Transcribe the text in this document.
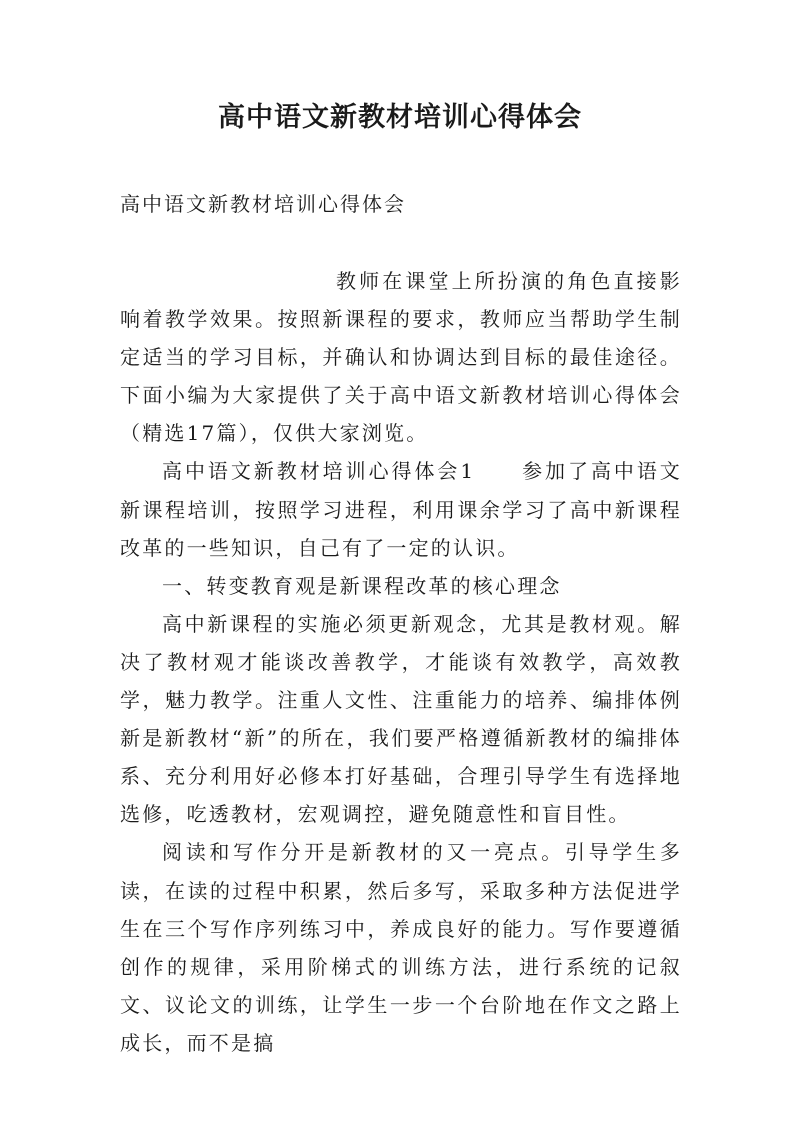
高中语文新教材培训心得体会
高中语文新教材培训心得体会

教师在课堂上所扮演的角色直接影响着教学效果。按照新课程的要求，教师应当帮助学生制定适当的学习目标，并确认和协调达到目标的最佳途径。下面小编为大家提供了关于高中语文新教材培训心得体会（精选17篇），仅供大家浏览。

高中语文新教材培训心得体会1 参加了高中语文新课程培训，按照学习进程，利用课余学习了高中新课程改革的一些知识，自己有了一定的认识。

一、转变教育观是新课程改革的核心理念

高中新课程的实施必须更新观念，尤其是教材观。解决了教材观才能谈改善教学，才能谈有效教学，高效教学，魅力教学。注重人文性、注重能力的培养、编排体例新是新教材“新”的所在，我们要严格遵循新教材的编排体系、充分利用好必修本打好基础，合理引导学生有选择地选修，吃透教材，宏观调控，避免随意性和盲目性。

阅读和写作分开是新教材的又一亮点。引导学生多读，在读的过程中积累，然后多写，采取多种方法促进学生在三个写作序列练习中，养成良好的能力。写作要遵循创作的规律，采用阶梯式的训练方法，进行系统的记叙文、议论文的训练，让学生一步一个台阶地在作文之路上成长，而不是搞
